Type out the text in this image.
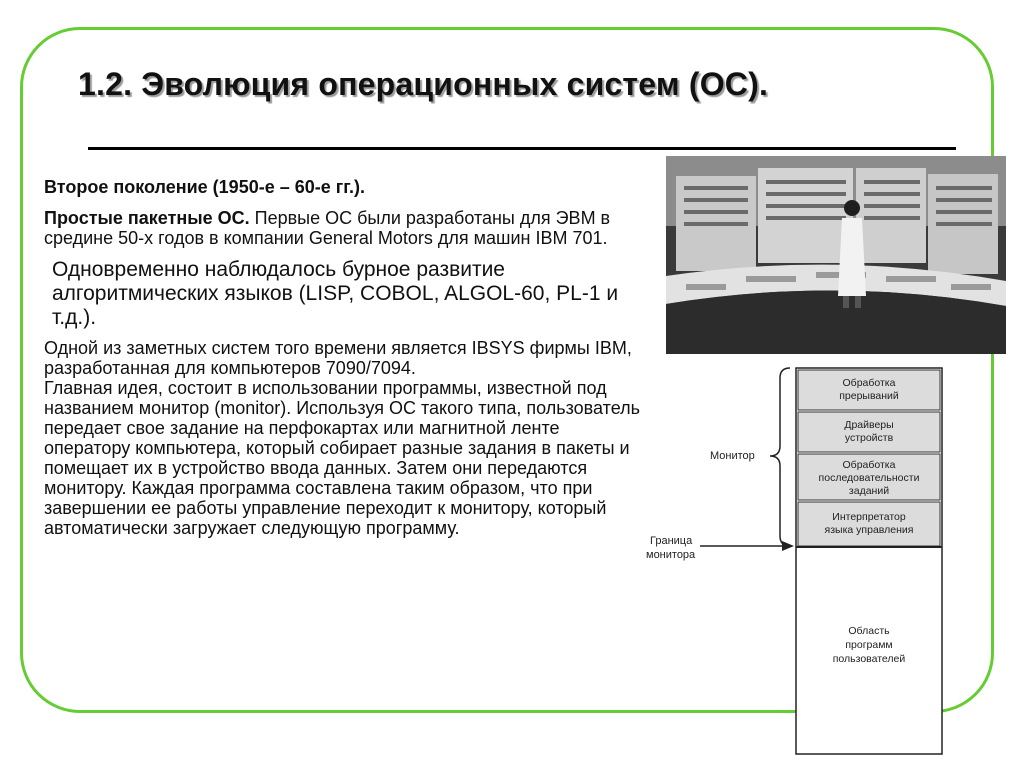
1.2. Эволюция операционных систем (ОС).

Второе поколение (1950-е – 60-е гг.).

Простые пакетные ОС. Первые ОС были разработаны для ЭВМ в средине 50-х годов в компании General Motors для машин IBM 701.

Одновременно наблюдалось бурное развитие алгоритмических языков (LISP, COBOL, ALGOL-60, PL-1 и т.д.).

Одной из заметных систем того времени является IBSYS фирмы IBM, разработанная для компьютеров 7090/7094.
Главная идея, состоит в использовании программы, известной под названием монитор (monitor). Используя ОС такого типа, пользователь передает свое задание на перфокартах или магнитной ленте оператору компьютера, который собирает разные задания в пакеты и помещает их в устройство ввода данных. Затем они передаются монитору. Каждая программа составлена таким образом, что при завершении ее работы управление переходит к монитору, который автоматически загружает следующую программу.

Обработка
прерываний
Драйверы
устройств
Обработка
последовательности
заданий
Интерпретатор
языка управления
Область
программ
пользователей
Монитор
Граница
монитора
